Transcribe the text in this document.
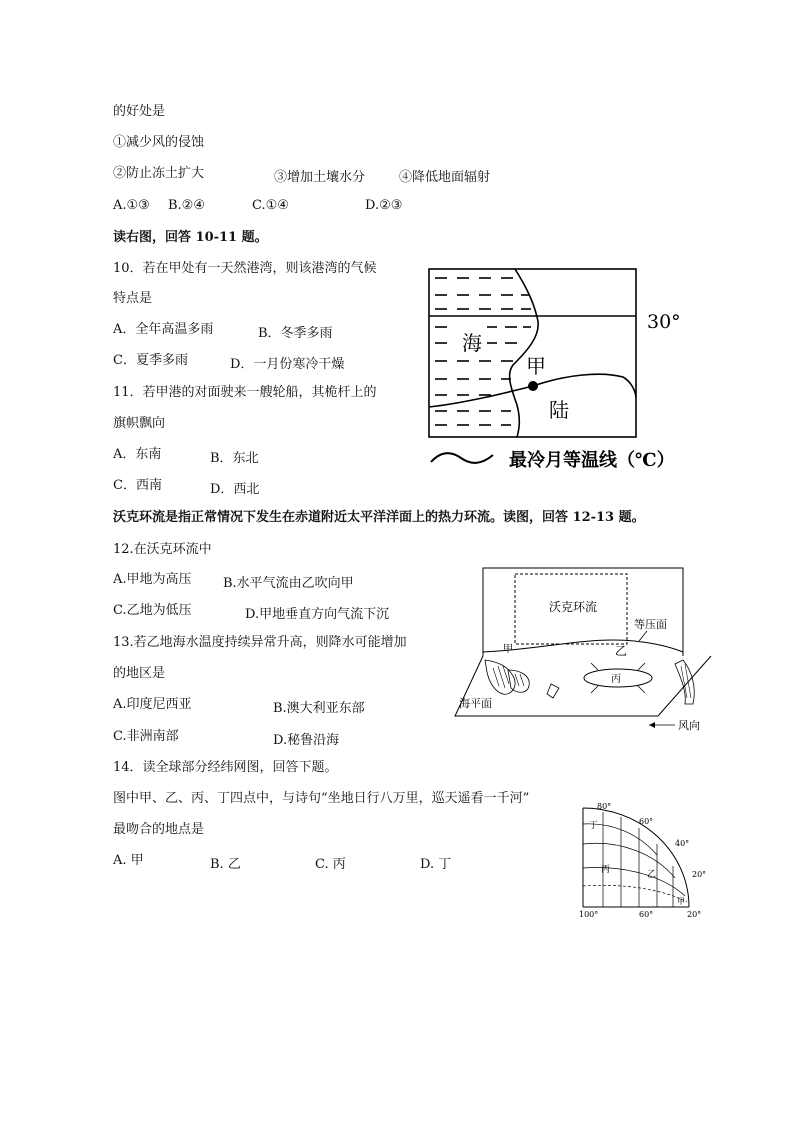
的好处是
①减少风的侵蚀
②防止冻土扩大	③增加土壤水分	④降低地面辐射
A.①③ B.②④	C.①④	D.②③
读右图，回答 10-11 题。
10．若在甲处有一天然港湾，则该港湾的气候
特点是
A．全年高温多雨	B．冬季多雨
C．夏季多雨	D．一月份寒冷干燥
11．若甲港的对面驶来一艘轮船，其桅杆上的
旗帜飘向
A．东南	B．东北
C．西南	D．西北
沃克环流是指正常情况下发生在赤道附近太平洋洋面上的热力环流。读图，回答 12-13 题。
12.在沃克环流中
A.甲地为高压 B.水平气流由乙吹向甲
C.乙地为低压	D.甲地垂直方向气流下沉
13.若乙地海水温度持续异常升高，则降水可能增加
的地区是
A.印度尼西亚	B.澳大利亚东部
C.非洲南部	D.秘鲁沿海
14．读全球部分经纬网图，回答下题。
图中甲、乙、丙、丁四点中，与诗句“坐地日行八万里，巡天遥看一千河”
最吻合的地点是
A. 甲	B. 乙	C. 丙	D. 丁
海
甲
陆
30°
最冷月等温线（℃）
沃克环流
等压面
甲	乙
丙
海平面
风向
80°
60°
40°
20°
100°	60°	20°
丁
丙	乙
甲
